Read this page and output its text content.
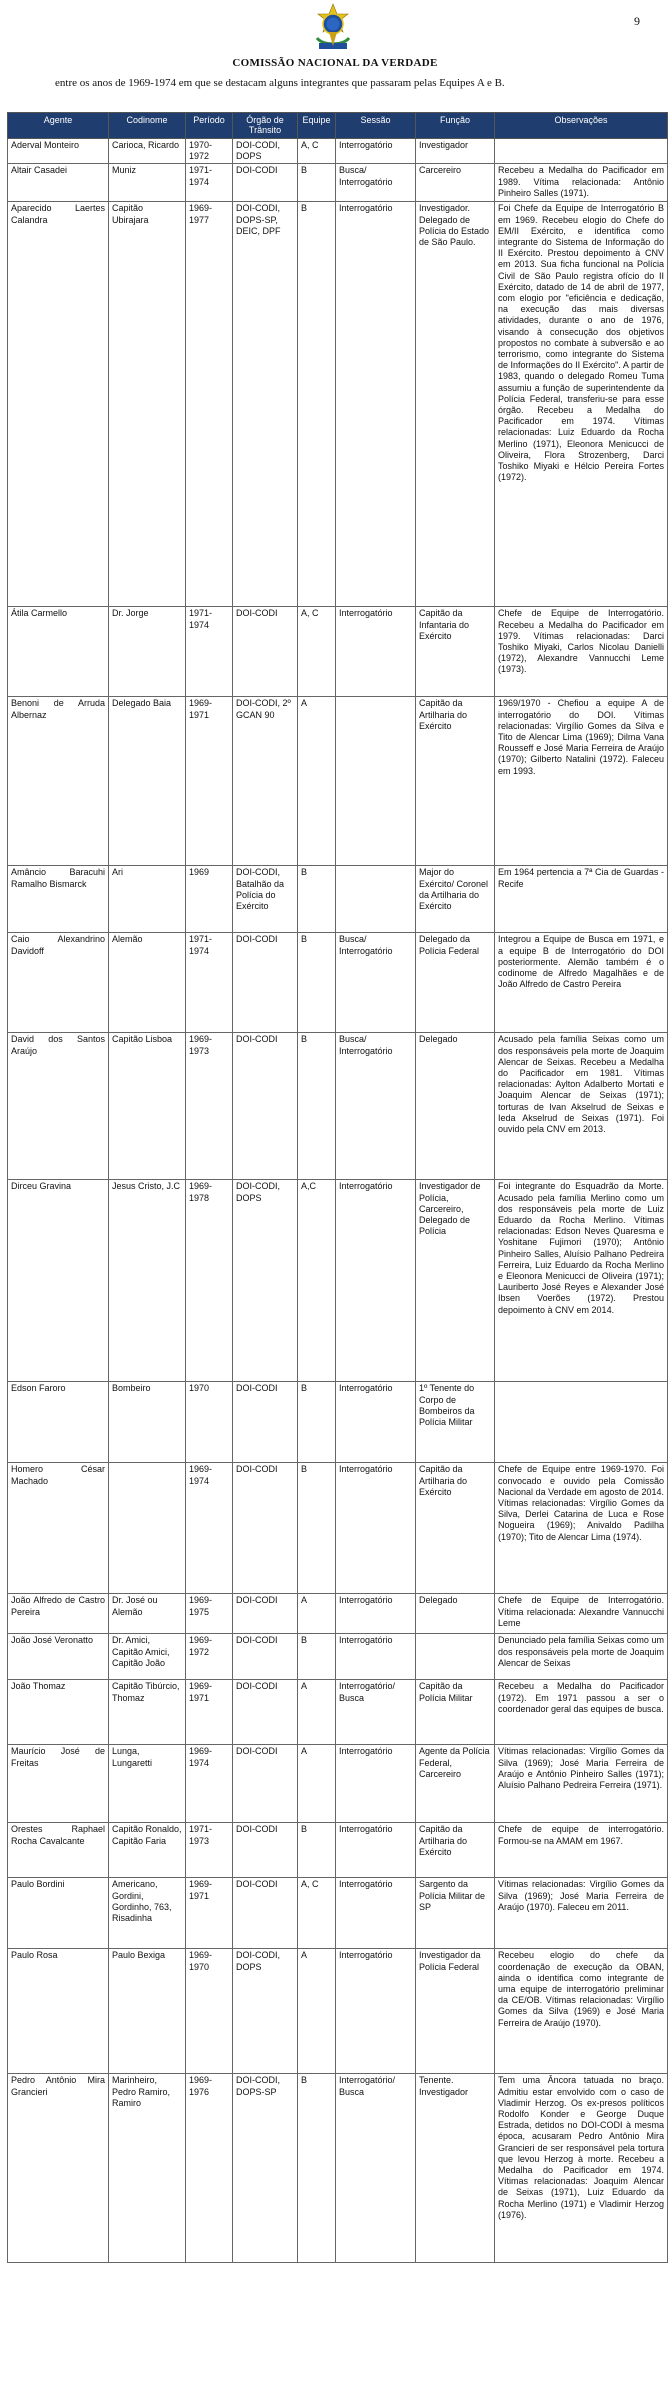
9
COMISSÃO NACIONAL DA VERDADE
entre os anos de 1969-1974 em que se destacam alguns integrantes que passaram pelas Equipes A e B.
Agente	Codinome	Período	Órgão de Trânsito	Equipe	Sessão	Função	Observações
Aderval Monteiro	Carioca, Ricardo	1970-1972	DOI-CODI, DOPS	A, C	Interrogatório	Investigador	
Altair Casadei	Muniz	1971-1974	DOI-CODI	B	Busca/ Interrogatório	Carcereiro	Recebeu a Medalha do Pacificador em 1989. Vítima relacionada: Antônio Pinheiro Salles (1971).
Aparecido Laertes Calandra	Capitão Ubirajara	1969-1977	DOI-CODI, DOPS-SP, DEIC, DPF	B	Interrogatório	Investigador. Delegado de Polícia do Estado de São Paulo.	Foi Chefe da Equipe de Interrogatório B em 1969. Recebeu elogio do Chefe do EM/II Exército, e identifica como integrante do Sistema de Informação do II Exército. Prestou depoimento à CNV em 2013. Sua ficha funcional na Polícia Civil de São Paulo registra ofício do II Exército, datado de 14 de abril de 1977, com elogio por "eficiência e dedicação, na execução das mais diversas atividades, durante o ano de 1976, visando à consecução dos objetivos propostos no combate à subversão e ao terrorismo, como integrante do Sistema de Informações do II Exército". A partir de 1983, quando o delegado Romeu Tuma assumiu a função de superintendente da Polícia Federal, transferiu-se para esse órgão. Recebeu a Medalha do Pacificador em 1974. Vítimas relacionadas: Luiz Eduardo da Rocha Merlino (1971), Eleonora Menicucci de Oliveira, Flora Strozenberg, Darci Toshiko Miyaki e Hélcio Pereira Fortes (1972).
Átila Carmello	Dr. Jorge	1971-1974	DOI-CODI	A, C	Interrogatório	Capitão da Infantaria do Exército	Chefe de Equipe de Interrogatório. Recebeu a Medalha do Pacificador em 1979. Vítimas relacionadas: Darci Toshiko Miyaki, Carlos Nicolau Danielli (1972), Alexandre Vannucchi Leme (1973).
Benoni de Arruda Albernaz	Delegado Baia	1969-1971	DOI-CODI, 2º GCAN 90	A		Capitão da Artilharia do Exército	1969/1970 - Chefiou a equipe A de interrogatório do DOI. Vítimas relacionadas: Virgílio Gomes da Silva e Tito de Alencar Lima (1969); Dilma Vana Rousseff e José Maria Ferreira de Araújo (1970); Gilberto Natalini (1972). Faleceu em 1993.
Amâncio Baracuhi Ramalho Bismarck	Ari	1969	DOI-CODI, Batalhão da Polícia do Exército	B		Major do Exército/ Coronel da Artilharia do Exército	Em 1964 pertencia a 7ª Cia de Guardas - Recife
Caio Alexandrino Davidoff	Alemão	1971-1974	DOI-CODI	B	Busca/ Interrogatório	Delegado da Polícia Federal	Integrou a Equipe de Busca em 1971, e a equipe B de Interrogatório do DOI posteriormente. Alemão também é o codinome de Alfredo Magalhães e de João Alfredo de Castro Pereira
David dos Santos Araújo	Capitão Lisboa	1969-1973	DOI-CODI	B	Busca/ Interrogatório	Delegado	Acusado pela família Seixas como um dos responsáveis pela morte de Joaquim Alencar de Seixas. Recebeu a Medalha do Pacificador em 1981. Vítimas relacionadas: Aylton Adalberto Mortati e Joaquim Alencar de Seixas (1971); torturas de Ivan Akselrud de Seixas e Ieda Akselrud de Seixas (1971). Foi ouvido pela CNV em 2013.
Dirceu Gravina	Jesus Cristo, J.C	1969-1978	DOI-CODI, DOPS	A,C	Interrogatório	Investigador de Polícia, Carcereiro, Delegado de Polícia	Foi integrante do Esquadrão da Morte. Acusado pela família Merlino como um dos responsáveis pela morte de Luiz Eduardo da Rocha Merlino. Vítimas relacionadas: Edson Neves Quaresma e Yoshitane Fujimori (1970); Antônio Pinheiro Salles, Aluísio Palhano Pedreira Ferreira, Luiz Eduardo da Rocha Merlino e Eleonora Menicucci de Oliveira (1971); Lauriberto José Reyes e Alexander José Ibsen Voerões (1972). Prestou depoimento à CNV em 2014.
Edson Faroro	Bombeiro	1970	DOI-CODI	B	Interrogatório	1º Tenente do Corpo de Bombeiros da Polícia Militar	
Homero César Machado		1969-1974	DOI-CODI	B	Interrogatório	Capitão da Artilharia do Exército	Chefe de Equipe entre 1969-1970. Foi convocado e ouvido pela Comissão Nacional da Verdade em agosto de 2014. Vítimas relacionadas: Virgílio Gomes da Silva, Derlei Catarina de Luca e Rose Nogueira (1969); Anivaldo Padilha (1970); Tito de Alencar Lima (1974).
João Alfredo de Castro Pereira	Dr. José ou Alemão	1969-1975	DOI-CODI	A	Interrogatório	Delegado	Chefe de Equipe de Interrogatório. Vítima relacionada: Alexandre Vannucchi Leme
João José Veronatto	Dr. Amici, Capitão Amici, Capitão João	1969-1972	DOI-CODI	B	Interrogatório		Denunciado pela família Seixas como um dos responsáveis pela morte de Joaquim Alencar de Seixas
João Thomaz	Capitão Tibúrcio, Thomaz	1969-1971	DOI-CODI	A	Interrogatório/ Busca	Capitão da Polícia Militar	Recebeu a Medalha do Pacificador (1972). Em 1971 passou a ser o coordenador geral das equipes de busca.
Maurício José de Freitas	Lunga, Lungaretti	1969-1974	DOI-CODI	A	Interrogatório	Agente da Polícia Federal, Carcereiro	Vítimas relacionadas: Virgílio Gomes da Silva (1969); José Maria Ferreira de Araújo e Antônio Pinheiro Salles (1971); Aluísio Palhano Pedreira Ferreira (1971).
Orestes Raphael Rocha Cavalcante	Capitão Ronaldo, Capitão Faria	1971-1973	DOI-CODI	B	Interrogatório	Capitão da Artilharia do Exército	Chefe de equipe de interrogatório. Formou-se na AMAM em 1967.
Paulo Bordini	Americano, Gordini, Gordinho, 763, Risadinha	1969-1971	DOI-CODI	A, C	Interrogatório	Sargento da Polícia Militar de SP	Vítimas relacionadas: Virgílio Gomes da Silva (1969); José Maria Ferreira de Araújo (1970). Faleceu em 2011.
Paulo Rosa	Paulo Bexiga	1969-1970	DOI-CODI, DOPS	A	Interrogatório	Investigador da Polícia Federal	Recebeu elogio do chefe da coordenação de execução da OBAN, ainda o identifica como integrante de uma equipe de interrogatório preliminar da CE/OB. Vítimas relacionadas: Virgílio Gomes da Silva (1969) e José Maria Ferreira de Araújo (1970).
Pedro Antônio Mira Grancieri	Marinheiro, Pedro Ramiro, Ramiro	1969-1976	DOI-CODI, DOPS-SP	B	Interrogatório/ Busca	Tenente. Investigador	Tem uma Âncora tatuada no braço. Admitiu estar envolvido com o caso de Vladimir Herzog. Os ex-presos políticos Rodolfo Konder e George Duque Estrada, detidos no DOI-CODI à mesma época, acusaram Pedro Antônio Mira Grancieri de ser responsável pela tortura que levou Herzog à morte. Recebeu a Medalha do Pacificador em 1974. Vítimas relacionadas: Joaquim Alencar de Seixas (1971), Luiz Eduardo da Rocha Merlino (1971) e Vladimir Herzog (1976).
